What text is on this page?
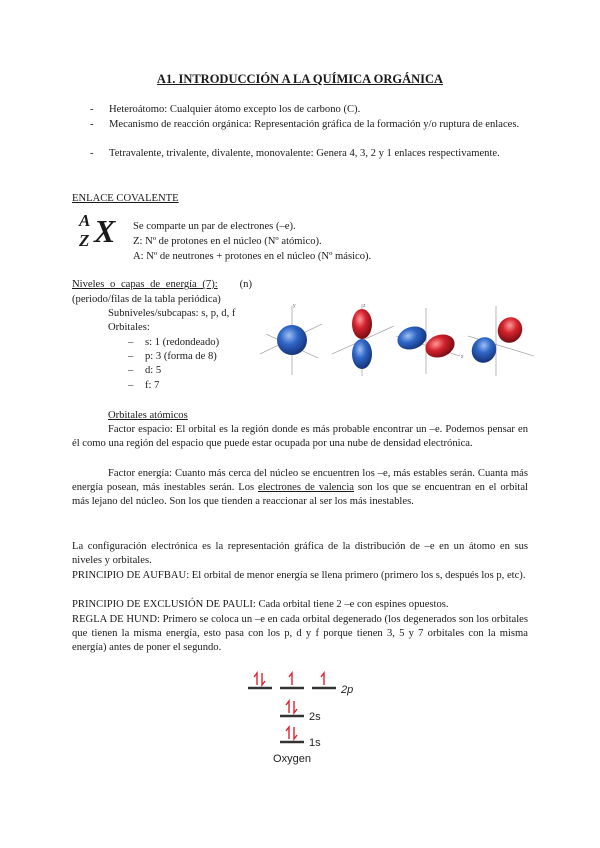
A1. INTRODUCCIÓN A LA QUÍMICA ORGÁNICA
- Heteroátomo: Cualquier átomo excepto los de carbono (C).
- Mecanismo de reacción orgánica: Representación gráfica de la formación y/o ruptura de enlaces.
- Tetravalente, trivalente, divalente, monovalente: Genera 4, 3, 2 y 1 enlaces respectivamente.
ENLACE COVALENTE
A
Z X Se comparte un par de electrones (–e).
Z: Nº de protones en el núcleo (Nº atómico).
A: Nº de neutrones + protones en el núcleo (Nº másico).
Niveles o capas de energía (7): (n)
(periodo/filas de la tabla periódica)
Subniveles/subcapas: s, p, d, f
Orbitales:
– s: 1 (redondeado)
– p: 3 (forma de 8)
– d: 5
– f: 7
y	z
x
Orbitales atómicos
Factor espacio: El orbital es la región donde es más probable encontrar un –e. Podemos pensar en él como una región del espacio que puede estar ocupada por una nube de densidad electrónica.
Factor energía: Cuanto más cerca del núcleo se encuentren los –e, más estables serán. Cuanta más energía posean, más inestables serán. Los electrones de valencia son los que se encuentran en el orbital más lejano del núcleo. Son los que tienden a reaccionar al ser los más inestables.
La configuración electrónica es la representación gráfica de la distribución de –e en un átomo en sus niveles y orbitales.
PRINCIPIO DE AUFBAU: El orbital de menor energía se llena primero (primero los s, después los p, etc).
PRINCIPIO DE EXCLUSIÓN DE PAULI: Cada orbital tiene 2 –e con espines opuestos.
REGLA DE HUND: Primero se coloca un –e en cada orbital degenerado (los degenerados son los orbitales que tienen la misma energía, esto pasa con los p, d y f porque tienen 3, 5 y 7 orbitales con la misma energía) antes de poner el segundo.
2p
2s
1s
Oxygen
